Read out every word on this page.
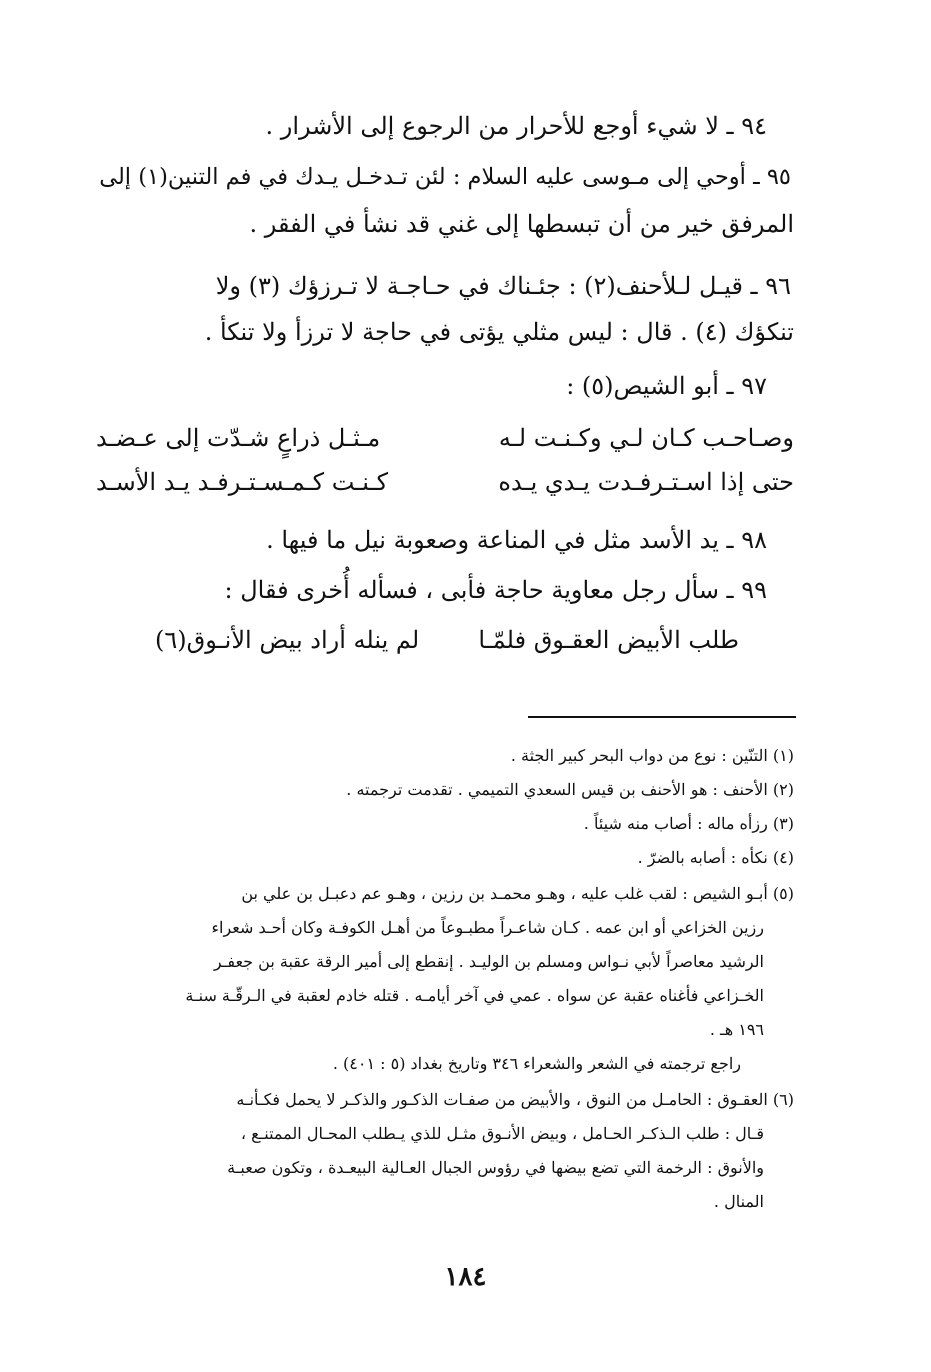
٩٤ ـ لا شيء أوجع للأحرار من الرجوع إلى الأشرار .
٩٥ ـ أوحي إلى مـوسى عليه السلام : لئن تـدخـل يـدك في فم التنين(١) إلى
المرفق خير من أن تبسطها إلى غني قد نشأ في الفقر .
٩٦ ـ قيـل لـلأحنف(٢) : جئـناك في حـاجـة لا تـرزؤك (٣) ولا
تنكؤك (٤) . قال : ليس مثلي يؤتى في حاجة لا ترزأ ولا تنكأ .
٩٧ ـ أبو الشيص(٥) :
وصـاحـب كـان لـي وكـنـت لـه
مـثـل ذراعٍ شـدّت إلى عـضـد
حتى إذا اسـتـرفـدت يـدي يـده
كـنـت كـمـسـتـرفـد يـد الأسـد
٩٨ ـ يد الأسد مثل في المناعة وصعوبة نيل ما فيها .
٩٩ ـ سأل رجل معاوية حاجة فأبى ، فسأله أُخرى فقال :
طلب الأبيض العقـوق فلمّـا
لم ينله أراد بيض الأنـوق(٦)
(١) التنّين : نوع من دواب البحر كبير الجثة .
(٢) الأحنف : هو الأحنف بن قيس السعدي التميمي . تقدمت ترجمته .
(٣) رزأه ماله : أصاب منه شيئاً .
(٤) نكأه : أصابه بالضرّ .
(٥) أبـو الشيص : لقب غلب عليه ، وهـو محمـد بن رزين ، وهـو عم دعبـل بن علي بن
رزين الخزاعي أو ابن عمه . كـان شاعـراً مطبـوعاً من أهـل الكوفـة وكان أحـد شعراء
الرشيد معاصراً لأبي نـواس ومسلم بن الوليـد . إنقطع إلى أمير الرقة عقبة بن جعفـر
الخـزاعي فأغناه عقبة عن سواه . عمي في آخر أيامـه . قتله خادم لعقبة في الـرقّـة سنـة
١٩٦ هـ .
راجع ترجمته في الشعر والشعراء ٣٤٦ وتاريخ بغداد (٥ : ٤٠١) .
(٦) العقـوق : الحامـل من النوق ، والأبيض من صفـات الذكـور والذكـر لا يحمل فكـأنـه
قـال : طلب الـذكـر الحـامل ، وبيض الأنـوق مثـل للذي يـطلب المحـال الممتنـع ،
والأنوق : الرخمة التي تضع بيضها في رؤوس الجبال العـالية البيعـدة ، وتكون صعبـة
المنال .
١٨٤
